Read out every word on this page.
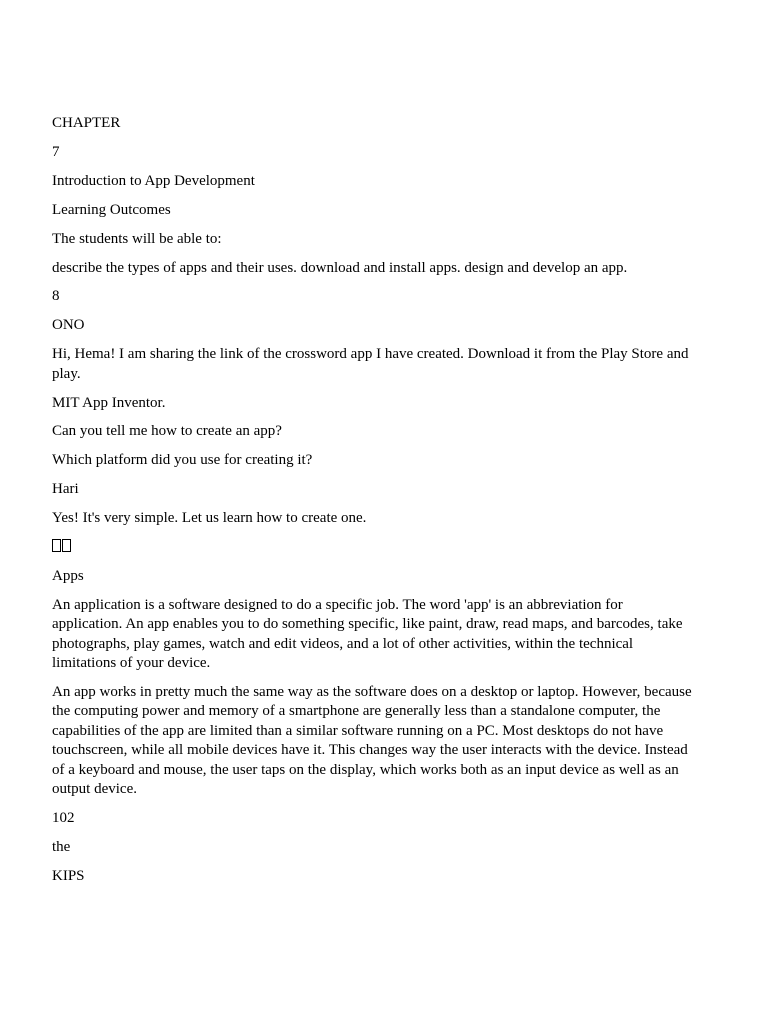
CHAPTER

7

Introduction to App Development

Learning Outcomes

The students will be able to:

describe the types of apps and their uses. download and install apps. design and develop an app.

8

ONO

Hi, Hema! I am sharing the link of the crossword app I have created. Download it from the Play Store and play.

MIT App Inventor.

Can you tell me how to create an app?

Which platform did you use for creating it?

Hari

Yes! It's very simple. Let us learn how to create one.

Apps

An application is a software designed to do a specific job. The word 'app' is an abbreviation for application. An app enables you to do something specific, like paint, draw, read maps, and barcodes, take photographs, play games, watch and edit videos, and a lot of other activities, within the technical limitations of your device.

An app works in pretty much the same way as the software does on a desktop or laptop. However, because the computing power and memory of a smartphone are generally less than a standalone computer, the capabilities of the app are limited than a similar software running on a PC. Most desktops do not have touchscreen, while all mobile devices have it. This changes way the user interacts with the device. Instead of a keyboard and mouse, the user taps on the display, which works both as an input device as well as an output device.

102

the

KIPS
